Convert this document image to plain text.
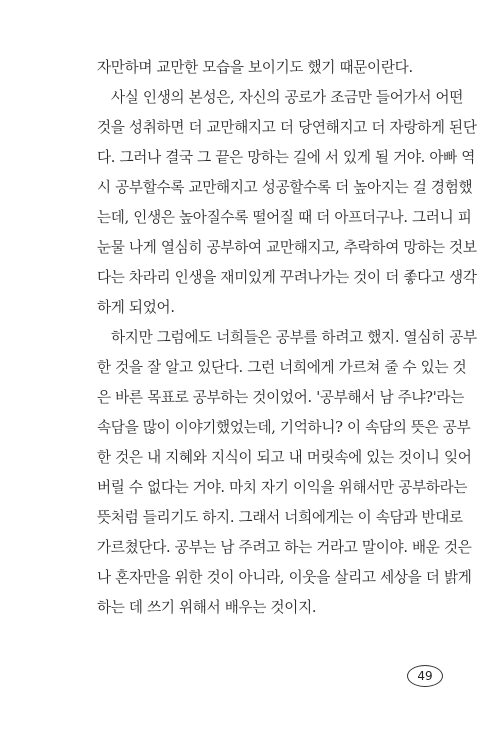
자만하며 교만한 모습을 보이기도 했기 때문이란다.
사실 인생의 본성은, 자신의 공로가 조금만 들어가서 어떤
것을 성취하면 더 교만해지고 더 당연해지고 더 자랑하게 된단
다. 그러나 결국 그 끝은 망하는 길에 서 있게 될 거야. 아빠 역
시 공부할수록 교만해지고 성공할수록 더 높아지는 걸 경험했
는데, 인생은 높아질수록 떨어질 때 더 아프더구나. 그러니 피
눈물 나게 열심히 공부하여 교만해지고, 추락하여 망하는 것보
다는 차라리 인생을 재미있게 꾸려나가는 것이 더 좋다고 생각
하게 되었어.
하지만 그럼에도 너희들은 공부를 하려고 했지. 열심히 공부
한 것을 잘 알고 있단다. 그런 너희에게 가르쳐 줄 수 있는 것
은 바른 목표로 공부하는 것이었어. '공부해서 남 주냐?'라는
속담을 많이 이야기했었는데, 기억하니? 이 속담의 뜻은 공부
한 것은 내 지혜와 지식이 되고 내 머릿속에 있는 것이니 잊어
버릴 수 없다는 거야. 마치 자기 이익을 위해서만 공부하라는
뜻처럼 들리기도 하지. 그래서 너희에게는 이 속담과 반대로
가르쳤단다. 공부는 남 주려고 하는 거라고 말이야. 배운 것은
나 혼자만을 위한 것이 아니라, 이웃을 살리고 세상을 더 밝게
하는 데 쓰기 위해서 배우는 것이지.
49
